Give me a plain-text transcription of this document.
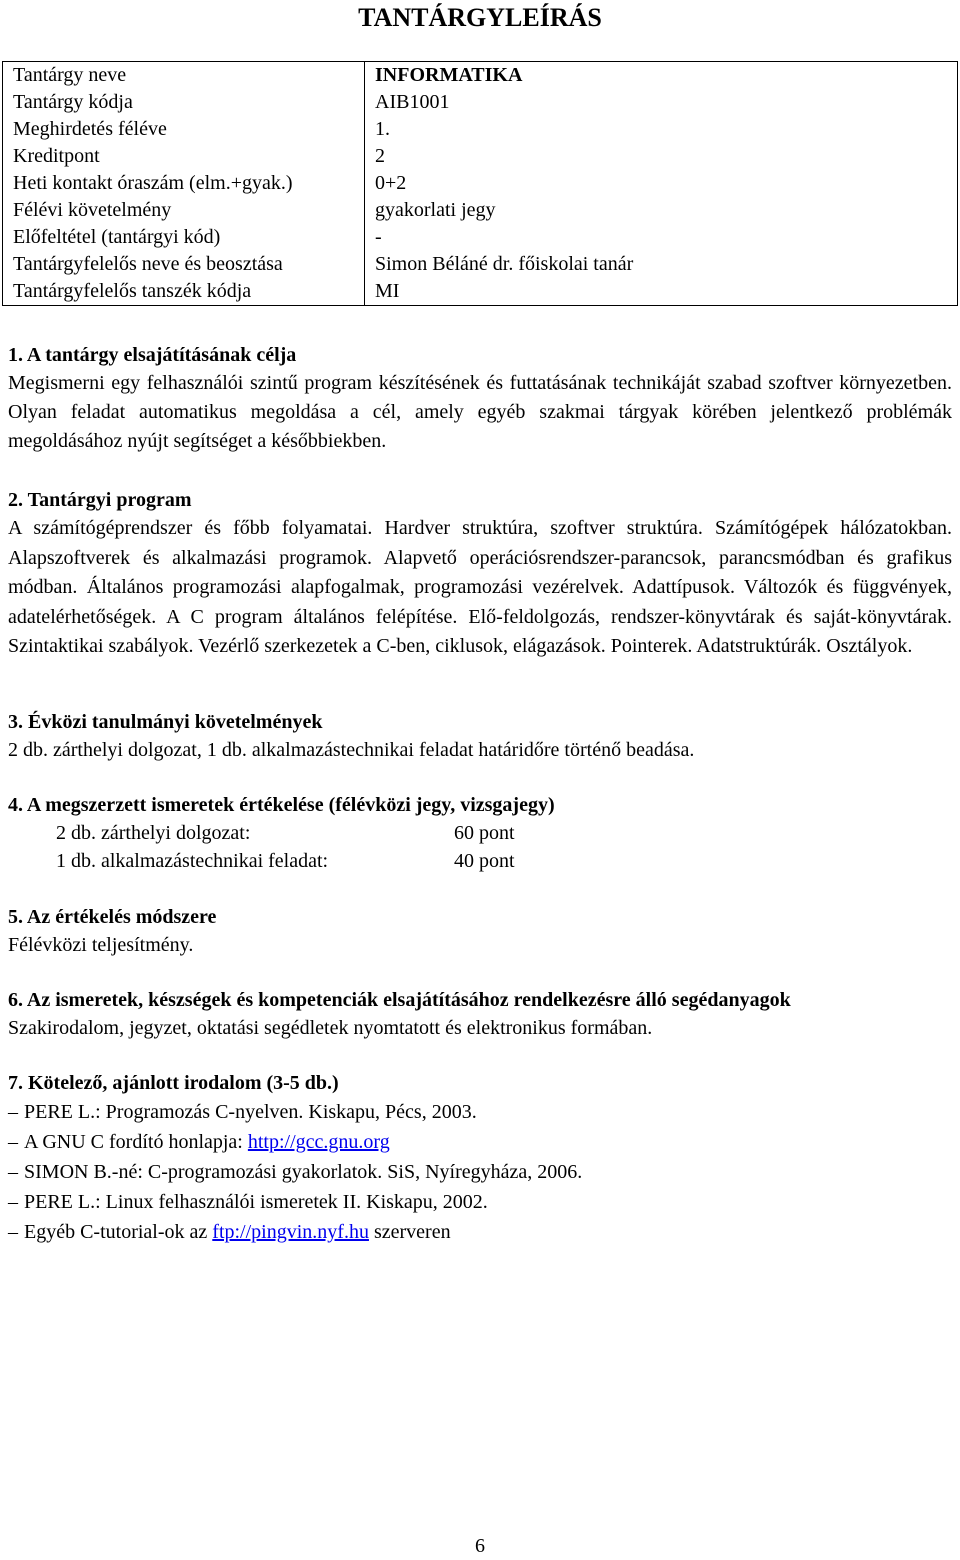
TANTÁRGYLEÍRÁS
Tantárgy neve	INFORMATIKA
Tantárgy kódja	AIB1001
Meghirdetés féléve	1.
Kreditpont	2
Heti kontakt óraszám (elm.+gyak.)	0+2
Félévi követelmény	gyakorlati jegy
Előfeltétel (tantárgyi kód)	-
Tantárgyfelelős neve és beosztása	Simon Béláné dr. főiskolai tanár
Tantárgyfelelős tanszék kódja	MI
1. A tantárgy elsajátításának célja

Megismerni egy felhasználói szintű program készítésének és futtatásának technikáját szabad szoftver környezetben. Olyan feladat automatikus megoldása a cél, amely egyéb szakmai tárgyak körében jelentkező problémák megoldásához nyújt segítséget a későbbiekben.

2. Tantárgyi program

A számítógéprendszer és főbb folyamatai. Hardver struktúra, szoftver struktúra. Számítógépek hálózatokban. Alapszoftverek és alkalmazási programok. Alapvető operációsrendszer-parancsok, parancsmódban és grafikus módban. Általános programozási alapfogalmak, programozási vezérelvek. Adattípusok. Változók és függvények, adatelérhetőségek. A C program általános felépítése. Elő-feldolgozás, rendszer-könyvtárak és saját-könyvtárak. Szintaktikai szabályok. Vezérlő szerkezetek a C-ben, ciklusok, elágazások. Pointerek. Adatstruktúrák. Osztályok.

3. Évközi tanulmányi követelmények

2 db. zárthelyi dolgozat, 1 db. alkalmazástechnikai feladat határidőre történő beadása.

4. A megszerzett ismeretek értékelése (félévközi jegy, vizsgajegy)
2 db. zárthelyi dolgozat:	60 pont
1 db. alkalmazástechnikai feladat:	40 pont
5. Az értékelés módszere

Félévközi teljesítmény.

6. Az ismeretek, készségek és kompetenciák elsajátításához rendelkezésre álló segédanyagok

Szakirodalom, jegyzet, oktatási segédletek nyomtatott és elektronikus formában.

7. Kötelező, ajánlott irodalom (3-5 db.)
– PERE L.: Programozás C-nyelven. Kiskapu, Pécs, 2003.
– A GNU C fordító honlapja: http://gcc.gnu.org
– SIMON B.-né: C-programozási gyakorlatok. SiS, Nyíregyháza, 2006.
– PERE L.: Linux felhasználói ismeretek II. Kiskapu, 2002.
– Egyéb C-tutorial-ok az ftp://pingvin.nyf.hu szerveren
6
